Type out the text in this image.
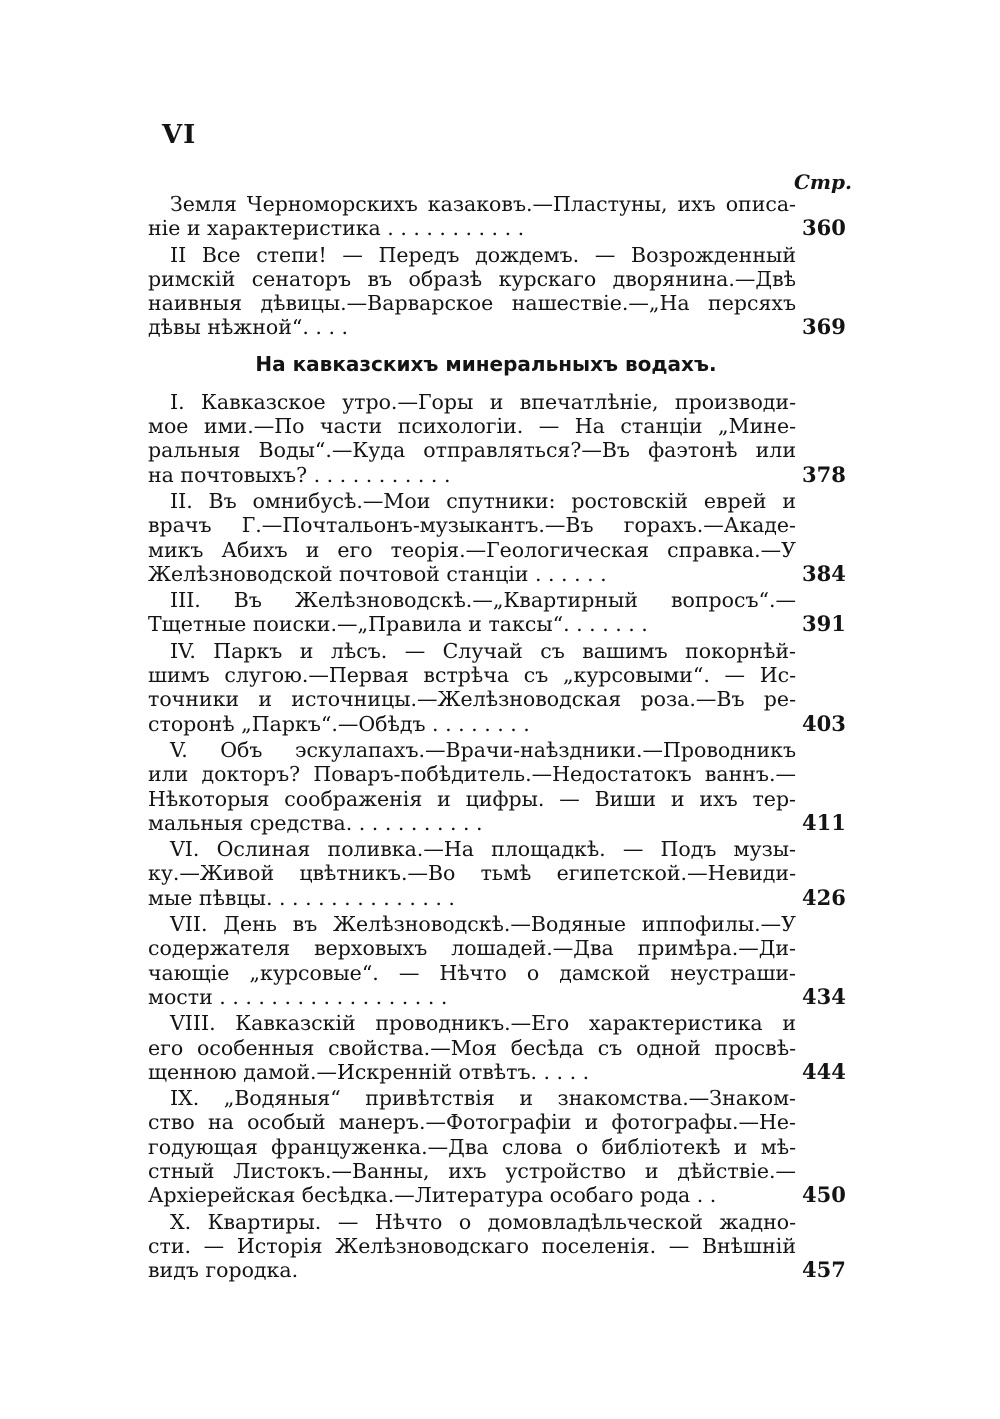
VI
Стр.
Земля Черноморскихъ казаковъ.—Пластуны, ихъ описа-
ніе и характеристика . . . . . . . . . . .	360
II Все степи! — Передъ дождемъ. — Возрожденный
римскій сенаторъ въ образѣ курскаго дворянина.—Двѣ
наивныя дѣвицы.—Варварское нашествіе.—„На персяхъ
дѣвы нѣжной“. . . .	369
На кавказскихъ минеральныхъ водахъ.
I. Кавказское утро.—Горы и впечатлѣніе, производи-
мое ими.—По части психологіи. — На станціи „Мине-
ральныя Воды“.—Куда отправляться?—Въ фаэтонѣ или
на почтовыхъ? . . . . . . . . . . .	378
II. Въ омнибусѣ.—Мои спутники: ростовскій еврей и
врачъ Г.—Почтальонъ-музыкантъ.—Въ горахъ.—Акаде-
микъ Абихъ и его теорія.—Геологическая справка.—У
Желѣзноводской почтовой станціи . . . . . .	384
III. Въ Желѣзноводскѣ.—„Квартирный вопросъ“.—
Тщетные поиски.—„Правила и таксы“. . . . . . .	391
IV. Паркъ и лѣсъ. — Случай съ вашимъ покорнѣй-
шимъ слугою.—Первая встрѣча съ „курсовыми“. — Ис-
точники и источницы.—Желѣзноводская роза.—Въ ре-
сторонѣ „Паркъ“.—Обѣдъ . . . . . . . .	403
V. Объ эскулапахъ.—Врачи-наѣздники.—Проводникъ
или докторъ? Поваръ-побѣдитель.—Недостатокъ ваннъ.—
Нѣкоторыя соображенія и цифры. — Виши и ихъ тер-
мальныя средства. . . . . . . . . . .	411
VI. Ослиная поливка.—На площадкѣ. — Подъ музы-
ку.—Живой цвѣтникъ.—Во тьмѣ египетской.—Невиди-
мые пѣвцы. . . . . . . . . . . . . . .	426
VII. День въ Желѣзноводскѣ.—Водяные иппофилы.—У
содержателя верховыхъ лошадей.—Два примѣра.—Ди-
чающіе „курсовые“. — Нѣчто о дамской неустраши-
мости . . . . . . . . . . . . . . . . . .	434
VIII. Кавказскій проводникъ.—Его характеристика и
его особенныя свойства.—Моя бесѣда съ одной просвѣ-
щенною дамой.—Искренній отвѣтъ. . . . .	444
IX. „Водяныя“ привѣтствія и знакомства.—Знаком-
ство на особый манеръ.—Фотографіи и фотографы.—Не-
годующая француженка.—Два слова о библіотекѣ и мѣ-
стный Листокъ.—Ванны, ихъ устройство и дѣйствіе.—
Архіерейская бесѣдка.—Литература особаго рода . .	450
X. Квартиры. — Нѣчто о домовладѣльческой жадно-
сти. — Исторія Желѣзноводскаго поселенія. — Внѣшній
видъ городка.	457
